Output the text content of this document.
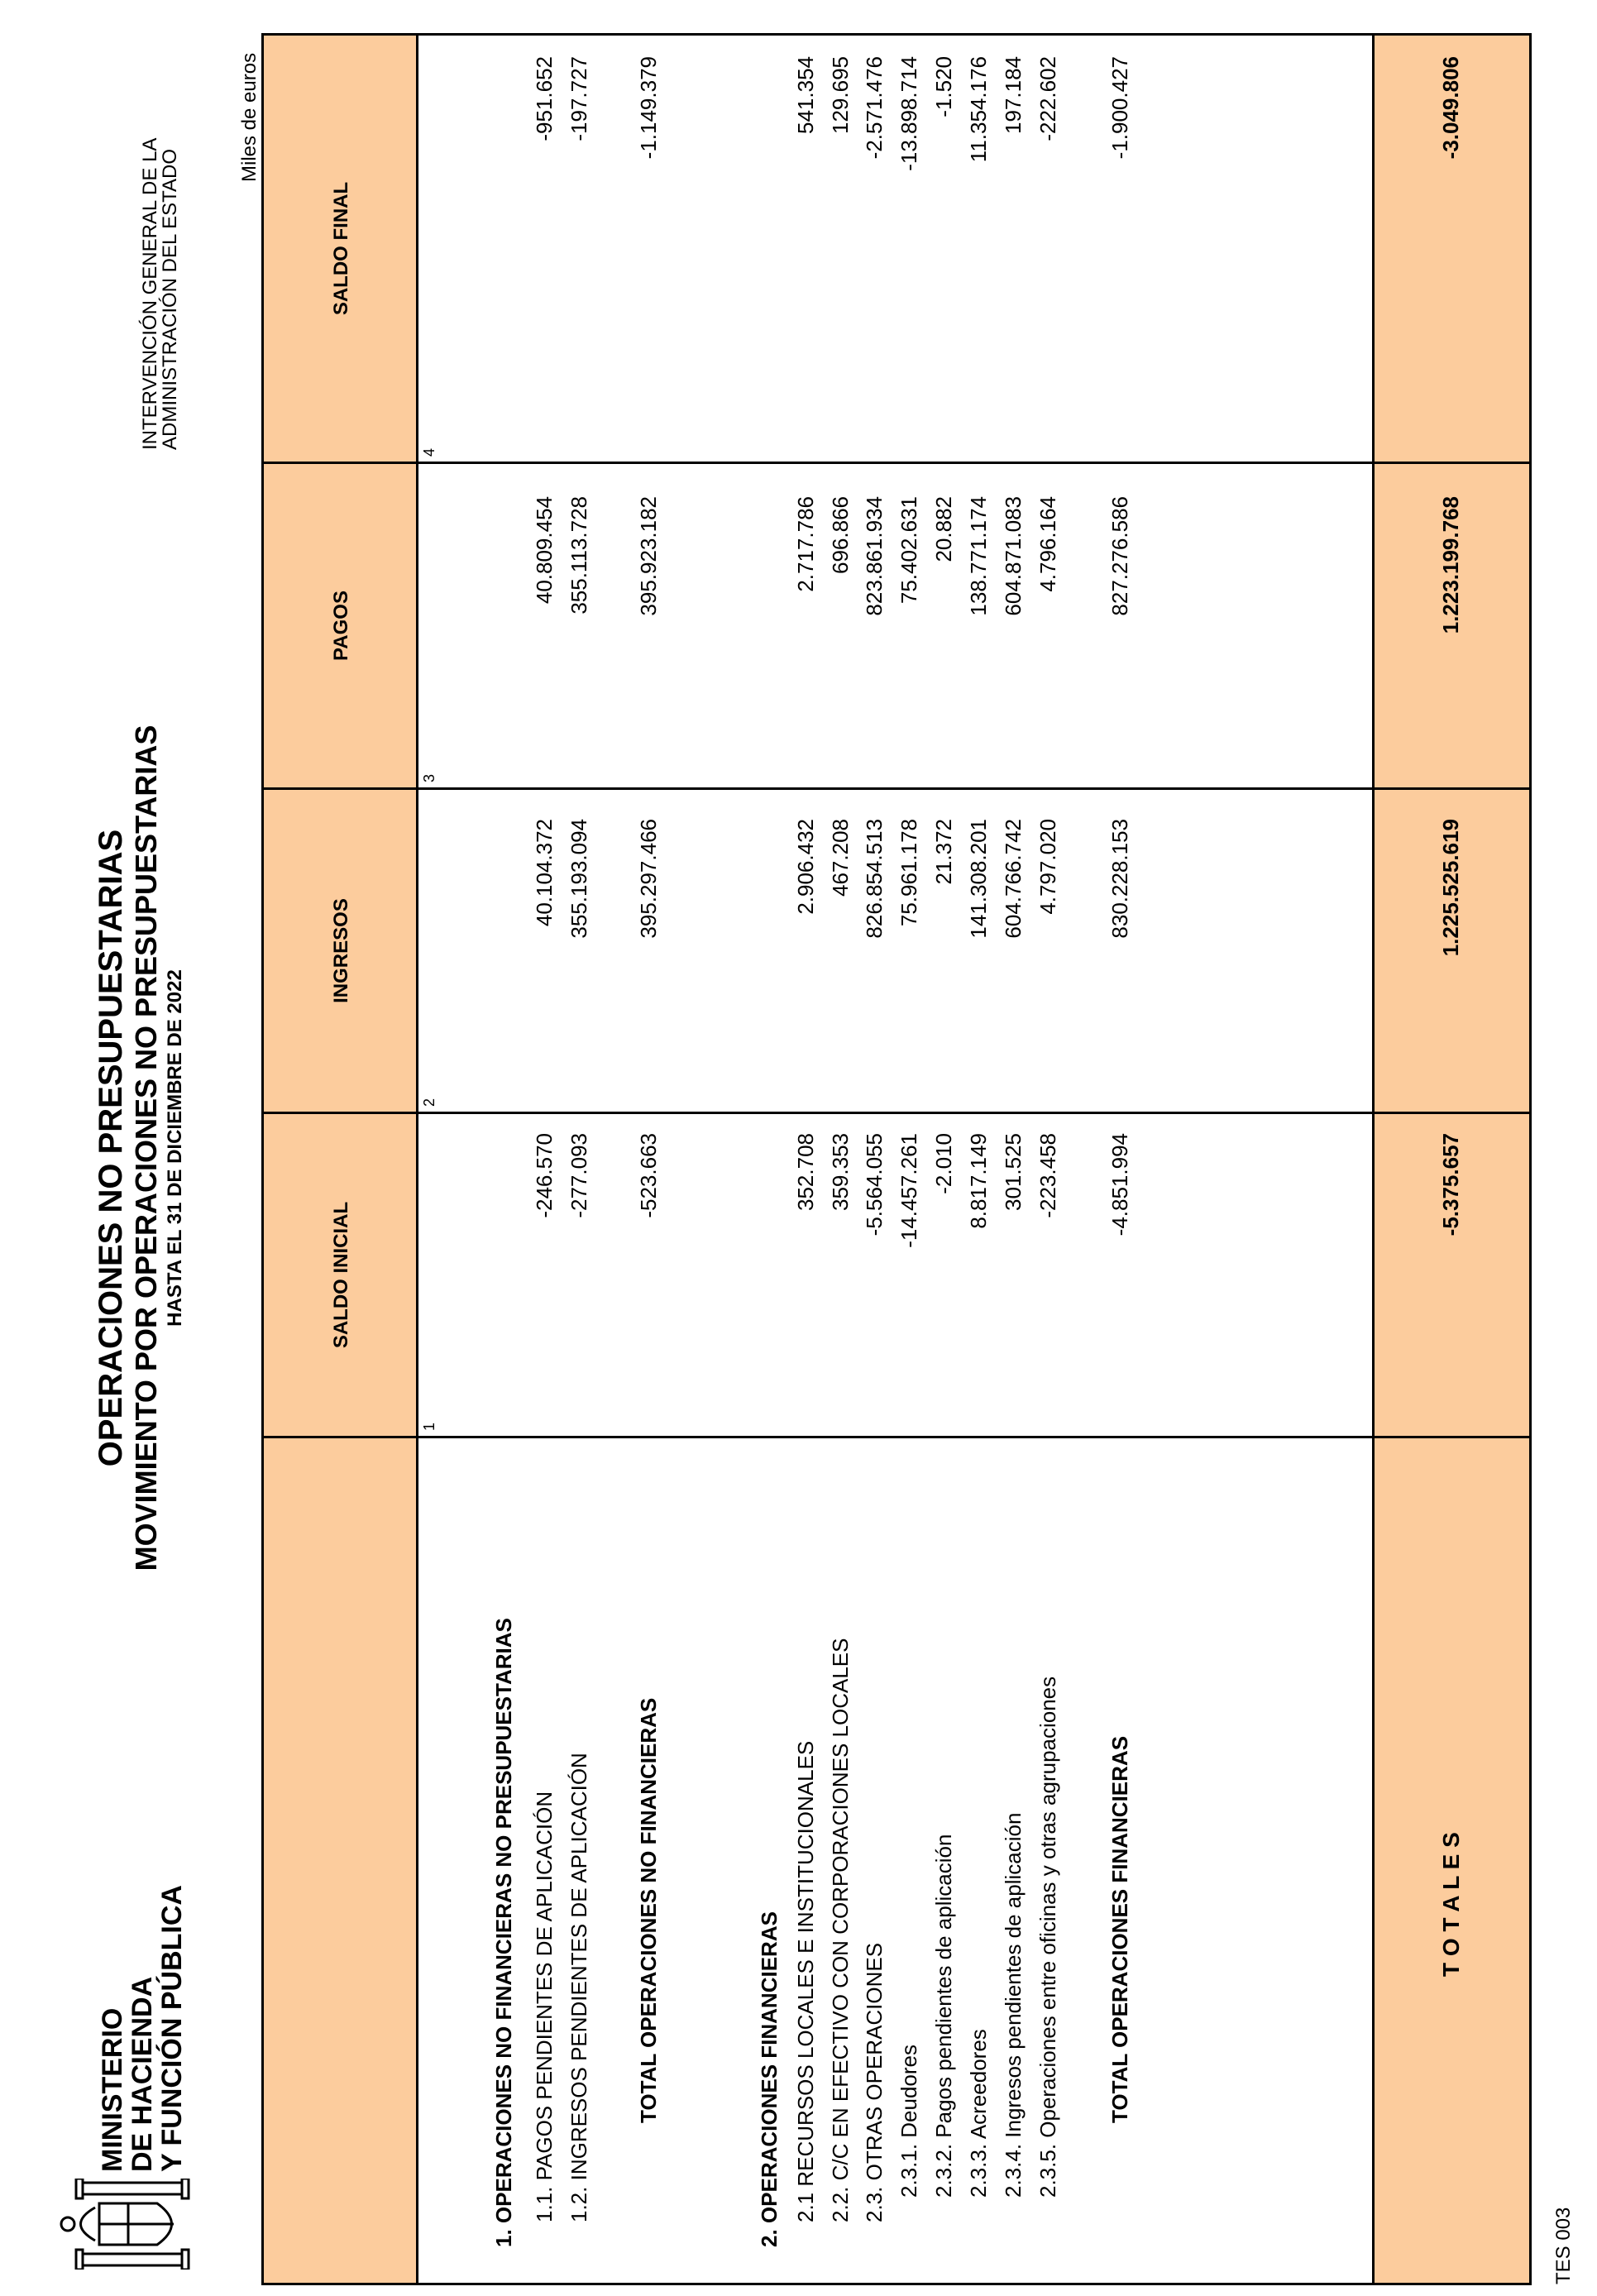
MINISTERIO
DE HACIENDA
Y FUNCIÓN PÚBLICA
OPERACIONES NO PRESUPUESTARIAS MOVIMIENTO POR OPERACIONES NO PRESUPUESTARIAS HASTA EL 31 DE DICIEMBRE DE 2022
INTERVENCIÓN GENERAL DE LA
ADMINISTRACIÓN DEL ESTADO
Miles de euros
TES 003
SALDO INICIAL
INGRESOS
PAGOS
SALDO FINAL
1
2
3
4
1. OPERACIONES NO FINANCIERAS NO PRESUPUESTARIAS 1.1. PAGOS PENDIENTES DE APLICACIÓN 1.2. INGRESOS PENDIENTES DE APLICACIÓN TOTAL OPERACIONES NO FINANCIERAS	2. OPERACIONES FINANCIERAS 2.1 RECURSOS LOCALES E INSTITUCIONALES 2.2. C/C EN EFECTIVO CON CORPORACIONES LOCALES 2.3. OTRAS OPERACIONES 2.3.1. Deudores 2.3.2. Pagos pendientes de aplicación 2.3.3. Acreedores 2.3.4. Ingresos pendientes de aplicación 2.3.5. Operaciones entre oficinas y otras agrupaciones TOTAL OPERACIONES FINANCIERAS
-246.570
40.104.372
40.809.454
-951.652
-277.093
355.193.094
355.113.728
-197.727
-523.663
395.297.466
395.923.182
-1.149.379
352.708
2.906.432
2.717.786
541.354
359.353
467.208
696.866
129.695
-5.564.055
826.854.513
823.861.934
-2.571.476
-14.457.261
75.961.178
75.402.631
-13.898.714
-2.010
21.372
20.882
-1.520
8.817.149
141.308.201
138.771.174
11.354.176
301.525
604.766.742
604.871.083
197.184
-223.458
4.797.020
4.796.164
-222.602
-4.851.994
830.228.153
827.276.586
-1.900.427
T O T A L E S
-5.375.657
1.225.525.619
1.223.199.768
-3.049.806
